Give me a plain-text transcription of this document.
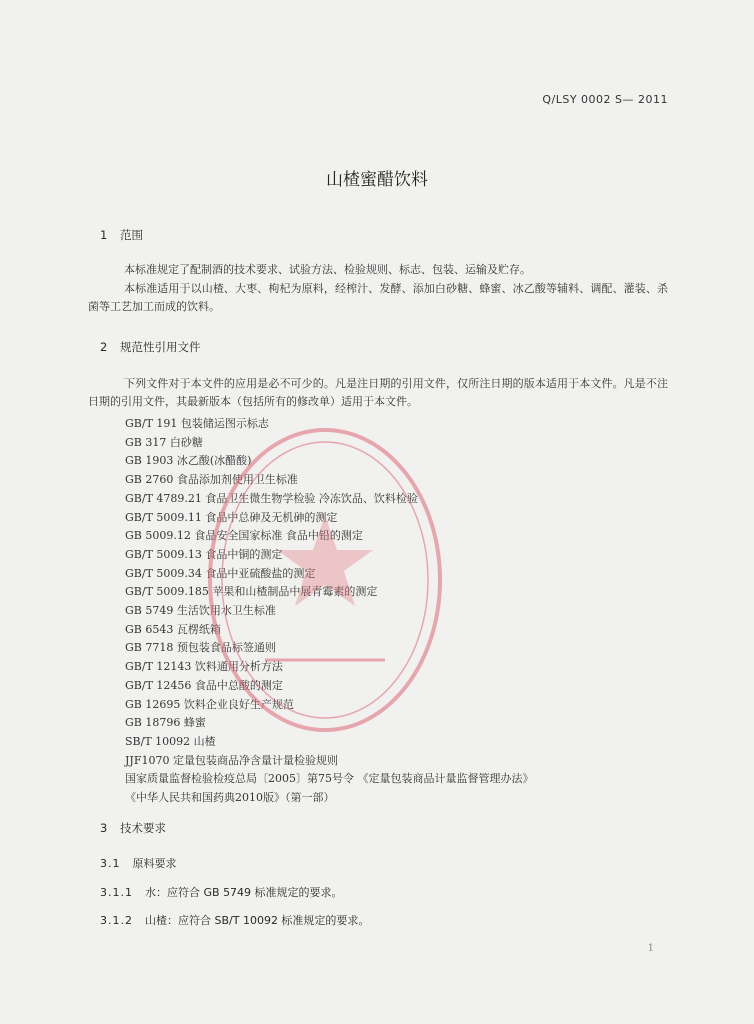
Q/LSY 0002 S— 2011
山楂蜜醋饮料
1 范围
本标准规定了配制酒的技术要求、试验方法、检验规则、标志、包装、运输及贮存。
本标准适用于以山楂、大枣、枸杞为原料，经榨汁、发酵、添加白砂糖、蜂蜜、冰乙酸等辅料、调配、灌装、杀菌等工艺加工而成的饮料。
2 规范性引用文件
下列文件对于本文件的应用是必不可少的。凡是注日期的引用文件，仅所注日期的版本适用于本文件。凡是不注日期的引用文件，其最新版本（包括所有的修改单）适用于本文件。
GB/T 191 包装储运图示标志
GB 317 白砂糖
GB 1903 冰乙酸(冰醋酸)
GB 2760 食品添加剂使用卫生标准
GB/T 4789.21 食品卫生微生物学检验 冷冻饮品、饮料检验
GB/T 5009.11 食品中总砷及无机砷的测定
GB 5009.12 食品安全国家标准 食品中铅的测定
GB/T 5009.13 食品中铜的测定
GB/T 5009.34 食品中亚硫酸盐的测定
GB/T 5009.185 苹果和山楂制品中展青霉素的测定
GB 5749 生活饮用水卫生标准
GB 6543 瓦楞纸箱
GB 7718 预包装食品标签通则
GB/T 12143 饮料通用分析方法
GB/T 12456 食品中总酸的测定
GB 12695 饮料企业良好生产规范
GB 18796 蜂蜜
SB/T 10092 山楂
JJF1070 定量包装商品净含量计量检验规则
国家质量监督检验检疫总局〔2005〕第75号令 《定量包装商品计量监督管理办法》
《中华人民共和国药典2010版》（第一部）
3 技术要求
3.1 原料要求
3.1.1 水：应符合 GB 5749 标准规定的要求。
3.1.2 山楂：应符合 SB/T 10092 标准规定的要求。
1
